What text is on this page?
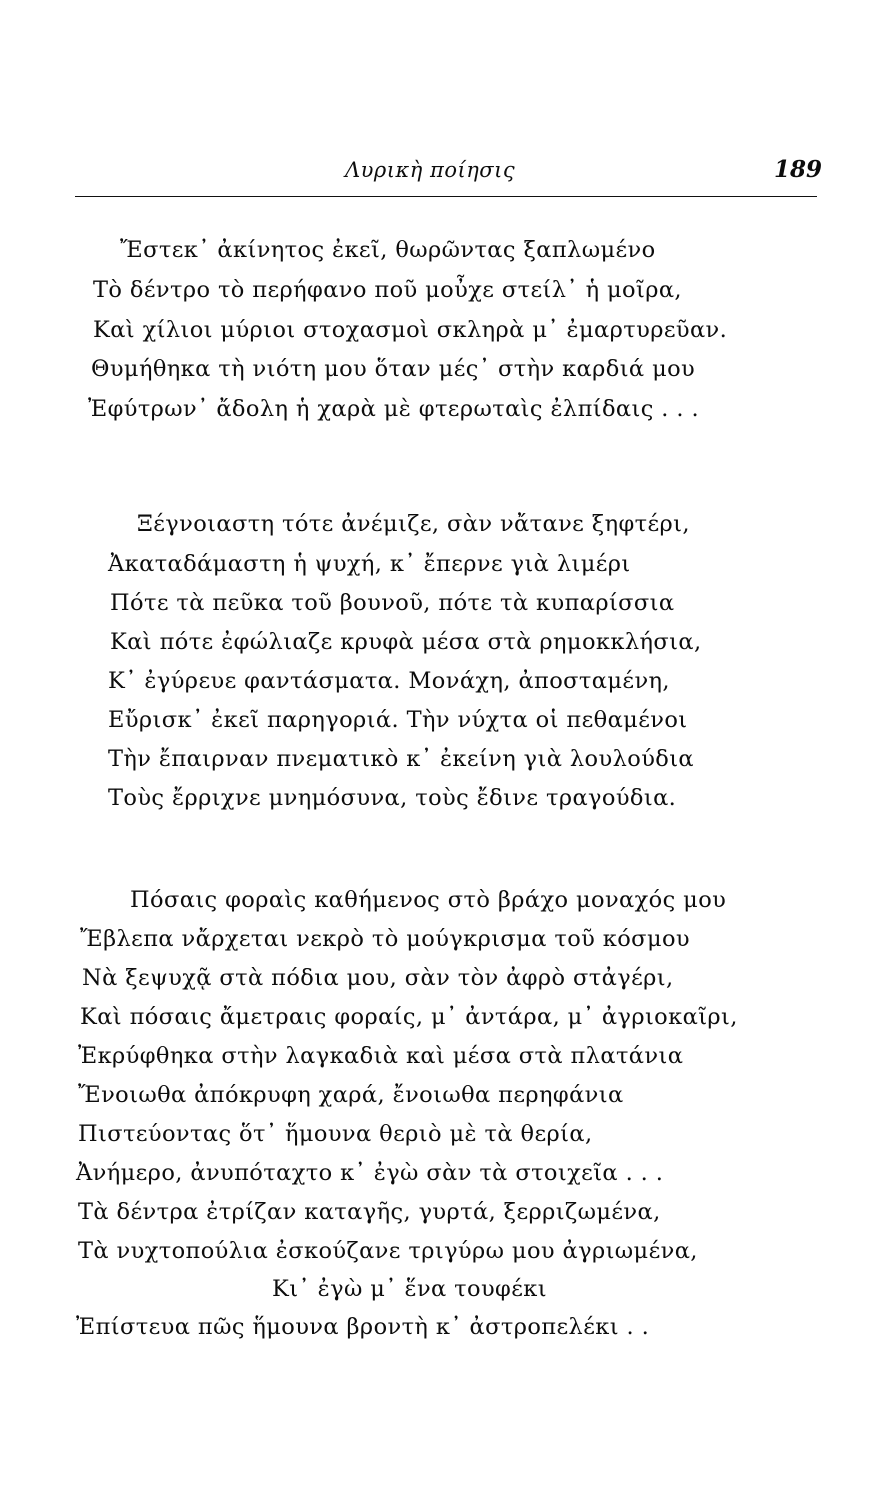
Λυρικὴ ποίησις	189
Ἔστεκ᾿ ἀκίνητος ἐκεῖ, θωρῶντας ξαπλωμένο
Τὸ δέντρο τὸ περήφανο ποῦ μοὖχε στείλ᾿ ἡ μοῖρα,
Καὶ χίλιοι μύριοι στοχασμοὶ σκληρὰ μ᾿ ἐμαρτυρεῦαν.
Θυμήθηκα τὴ νιότη μου ὅταν μές᾿ στὴν καρδιά μου
Ἐφύτρων᾿ ἄδολη ἡ χαρὰ μὲ φτερωταὶς ἐλπίδαις . . .
Ξέγνοιαστη τότε ἀνέμιζε, σὰν νἄτανε ξηφτέρι,
Ἀκαταδάμαστη ἡ ψυχή, κ᾿ ἔπερνε γιὰ λιμέρι
Πότε τὰ πεῦκα τοῦ βουνοῦ, πότε τὰ κυπαρίσσια
Καὶ πότε ἐφώλιαζε κρυφὰ μέσα στὰ ρημοκκλήσια,
Κ᾿ ἐγύρευε φαντάσματα. Μονάχη, ἀποσταμένη,
Εὔρισκ᾿ ἐκεῖ παρηγοριά. Τὴν νύχτα οἱ πεθαμένοι
Τὴν ἔπαιρναν πνεματικὸ κ᾿ ἐκείνη γιὰ λουλούδια
Τοὺς ἔρριχνε μνημόσυνα, τοὺς ἔδινε τραγούδια.
Πόσαις φοραὶς καθήμενος στὸ βράχο μοναχός μου
Ἔβλεπα νἄρχεται νεκρὸ τὸ μούγκρισμα τοῦ κόσμου
Νὰ ξεψυχᾷ στὰ πόδια μου, σὰν τὸν ἀφρὸ στἀγέρι,
Καὶ πόσαις ἄμετραις φοραίς, μ᾿ ἀντάρα, μ᾿ ἀγριοκαῖρι,
Ἐκρύφθηκα στὴν λαγκαδιὰ καὶ μέσα στὰ πλατάνια
Ἔνοιωθα ἀπόκρυφη χαρά, ἔνοιωθα περηφάνια
Πιστεύοντας ὅτ᾿ ἥμουνα θεριὸ μὲ τὰ θερία,
Ἀνήμερο, ἀνυπόταχτο κ᾿ ἐγὼ σὰν τὰ στοιχεῖα . . .
Τὰ δέντρα ἐτρίζαν καταγῆς, γυρτά, ξερριζωμένα,
Τὰ νυχτοπούλια ἐσκούζανε τριγύρω μου ἀγριωμένα,
Κι᾿ ἐγὼ μ᾿ ἕνα τουφέκι
Ἐπίστευα πῶς ἥμουνα βροντὴ κ᾿ ἀστροπελέκι . .
